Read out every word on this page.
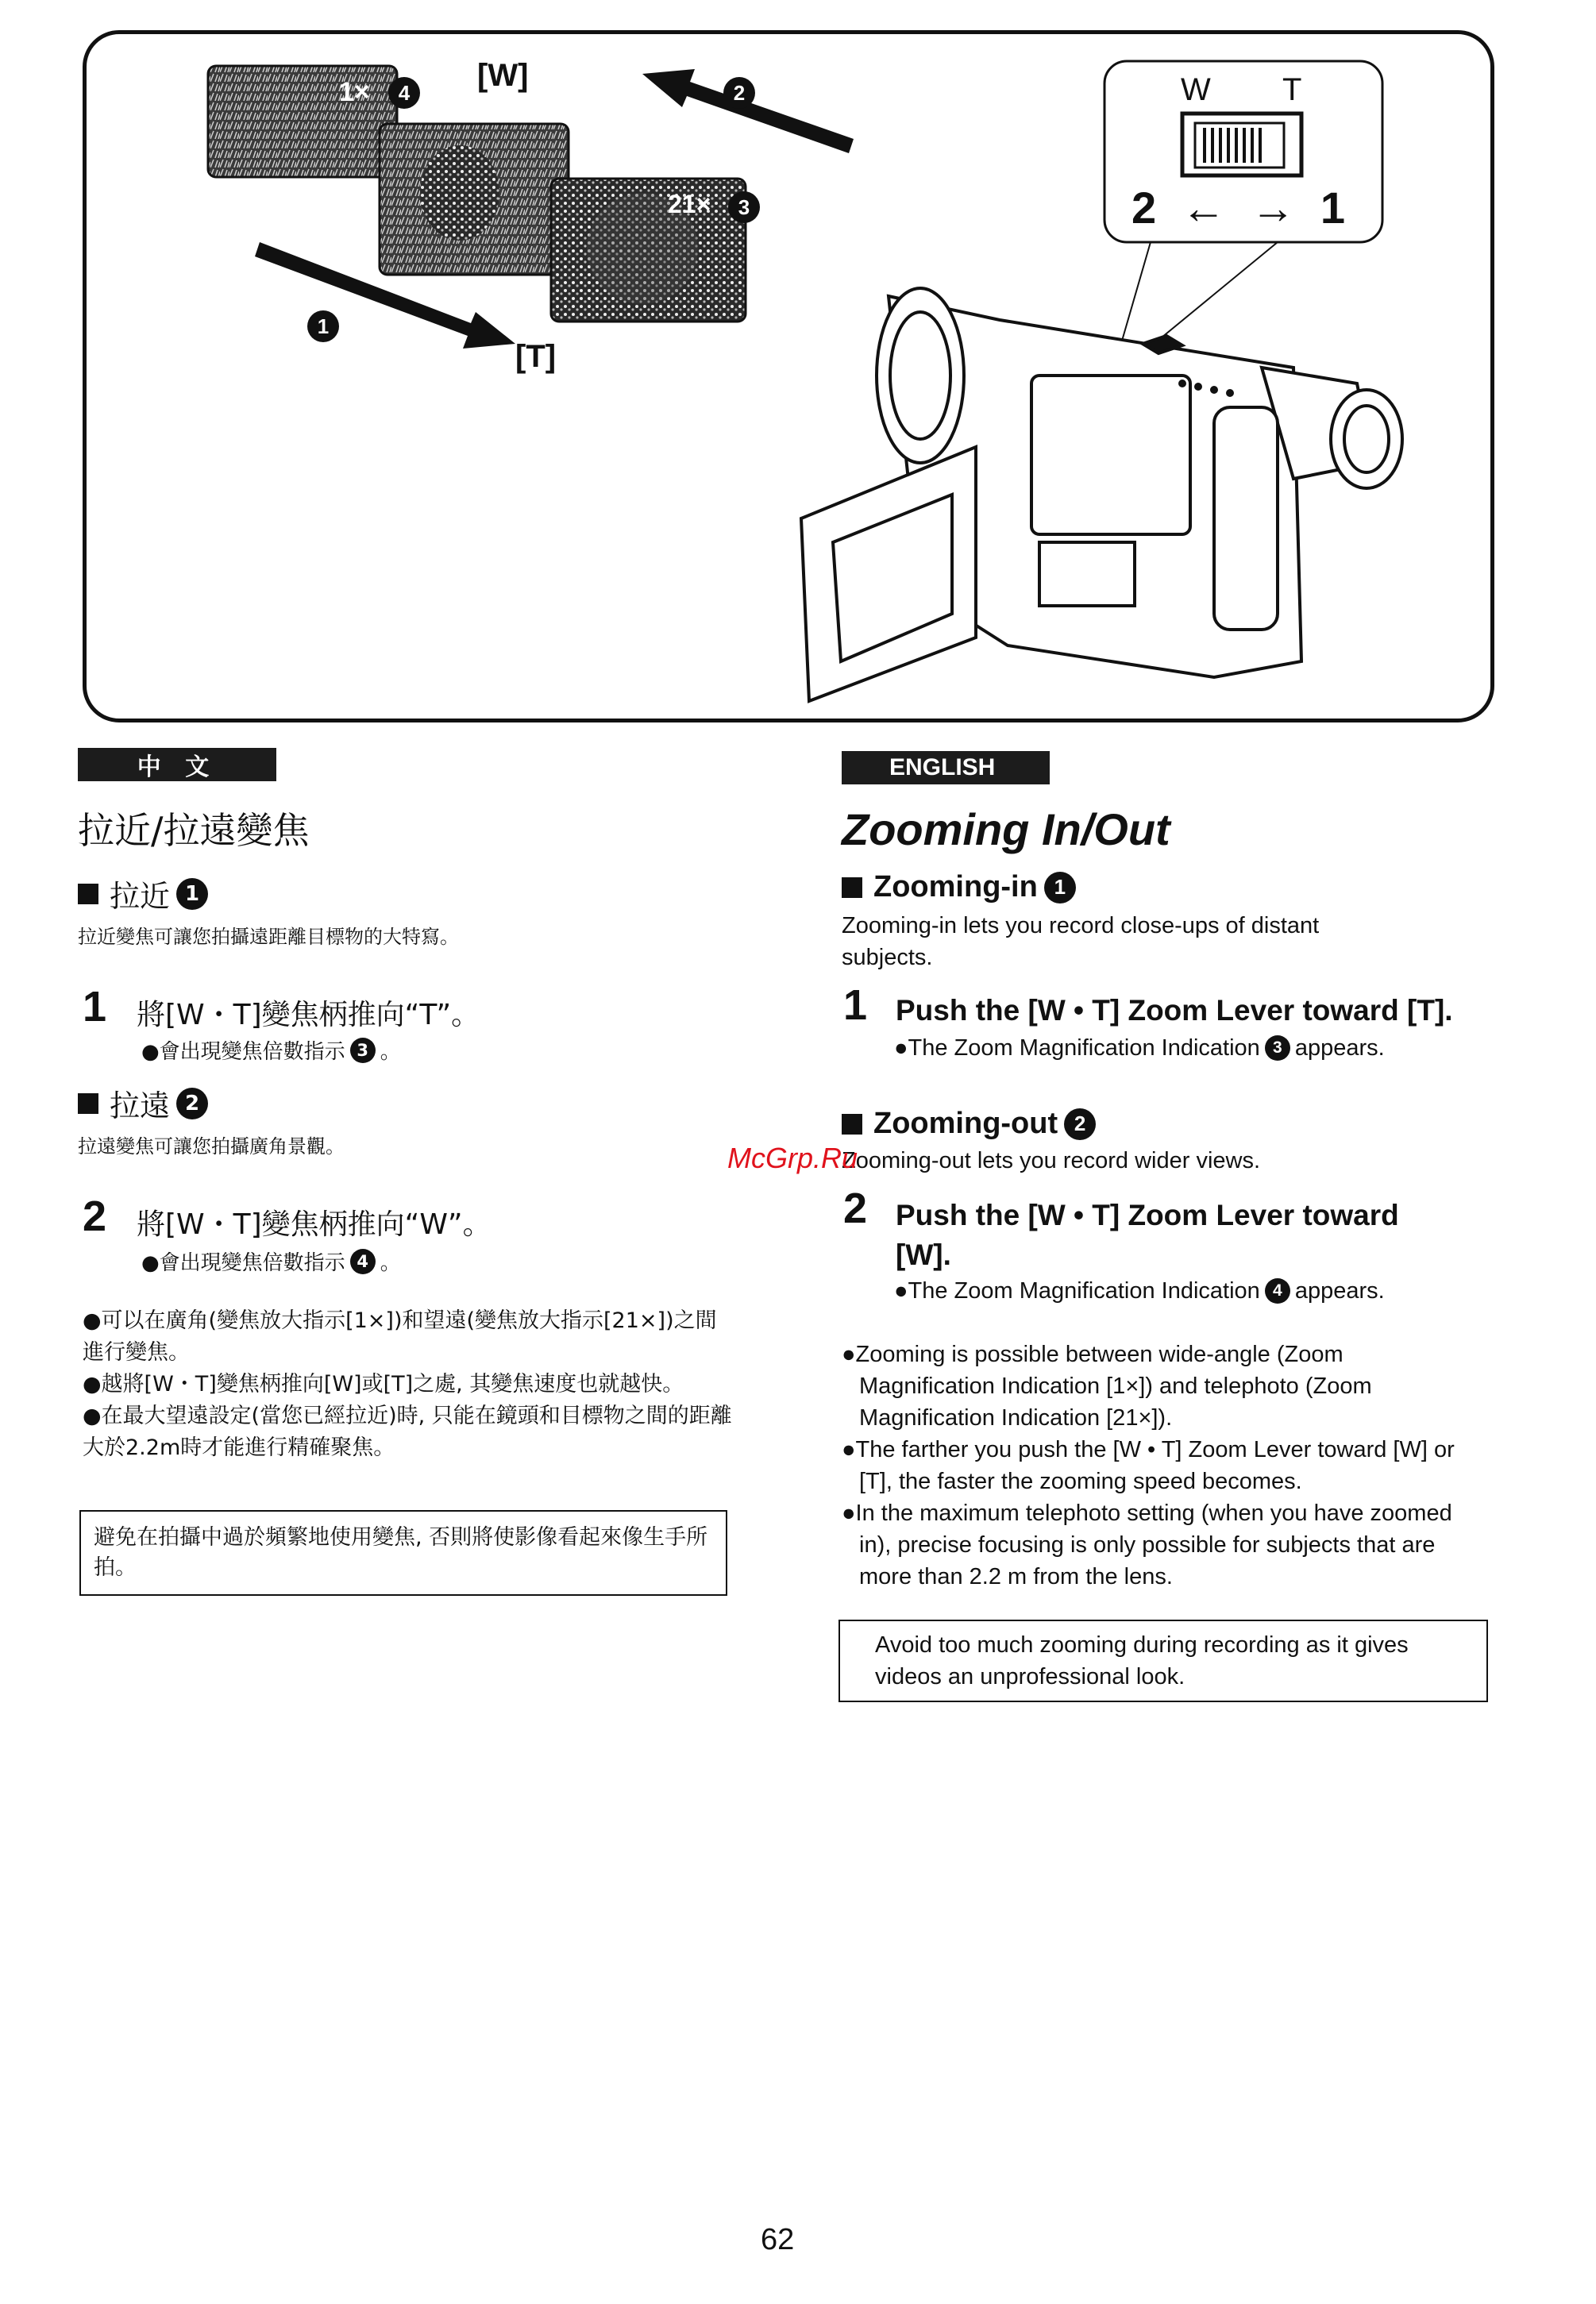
1×	4	[W]	2
21×	3
1
[T]
W T
2 ← → 1
中 文
拉近/拉遠變焦
拉近 1
拉近變焦可讓您拍攝遠距離目標物的大特寫。
1 將[W・T]變焦柄推向“T”。
●會出現變焦倍數指示 3 。
拉遠 2
拉遠變焦可讓您拍攝廣角景觀。
2 將[W・T]變焦柄推向“W”。
●會出現變焦倍數指示 4 。

●可以在廣角(變焦放大指示[1×])和望遠(變焦放大指示[21×])之間進行變焦。

●越將[W・T]變焦柄推向[W]或[T]之處, 其變焦速度也就越快。

●在最大望遠設定(當您已經拉近)時, 只能在鏡頭和目標物之間的距離大於2.2m時才能進行精確聚焦。

避免在拍攝中過於頻繁地使用變焦, 否則將使影像看起來像生手所拍。
ENGLISH
Zooming In/Out
Zooming-in 1
Zooming-in lets you record close-ups of distant subjects.
1 Push the [W • T] Zoom Lever toward [T].
●The Zoom Magnification Indication 3 appears.
Zooming-out 2
Zooming-out lets you record wider views.
McGrp.Ru
2 Push the [W • T] Zoom Lever toward [W].
●The Zoom Magnification Indication 4 appears.

●Zooming is possible between wide-angle (Zoom Magnification Indication [1×]) and telephoto (Zoom Magnification Indication [21×]).

●The farther you push the [W • T] Zoom Lever toward [W] or [T], the faster the zooming speed becomes.

●In the maximum telephoto setting (when you have zoomed in), precise focusing is only possible for subjects that are more than 2.2 m from the lens.

Avoid too much zooming during recording as it gives videos an unprofessional look.
62
